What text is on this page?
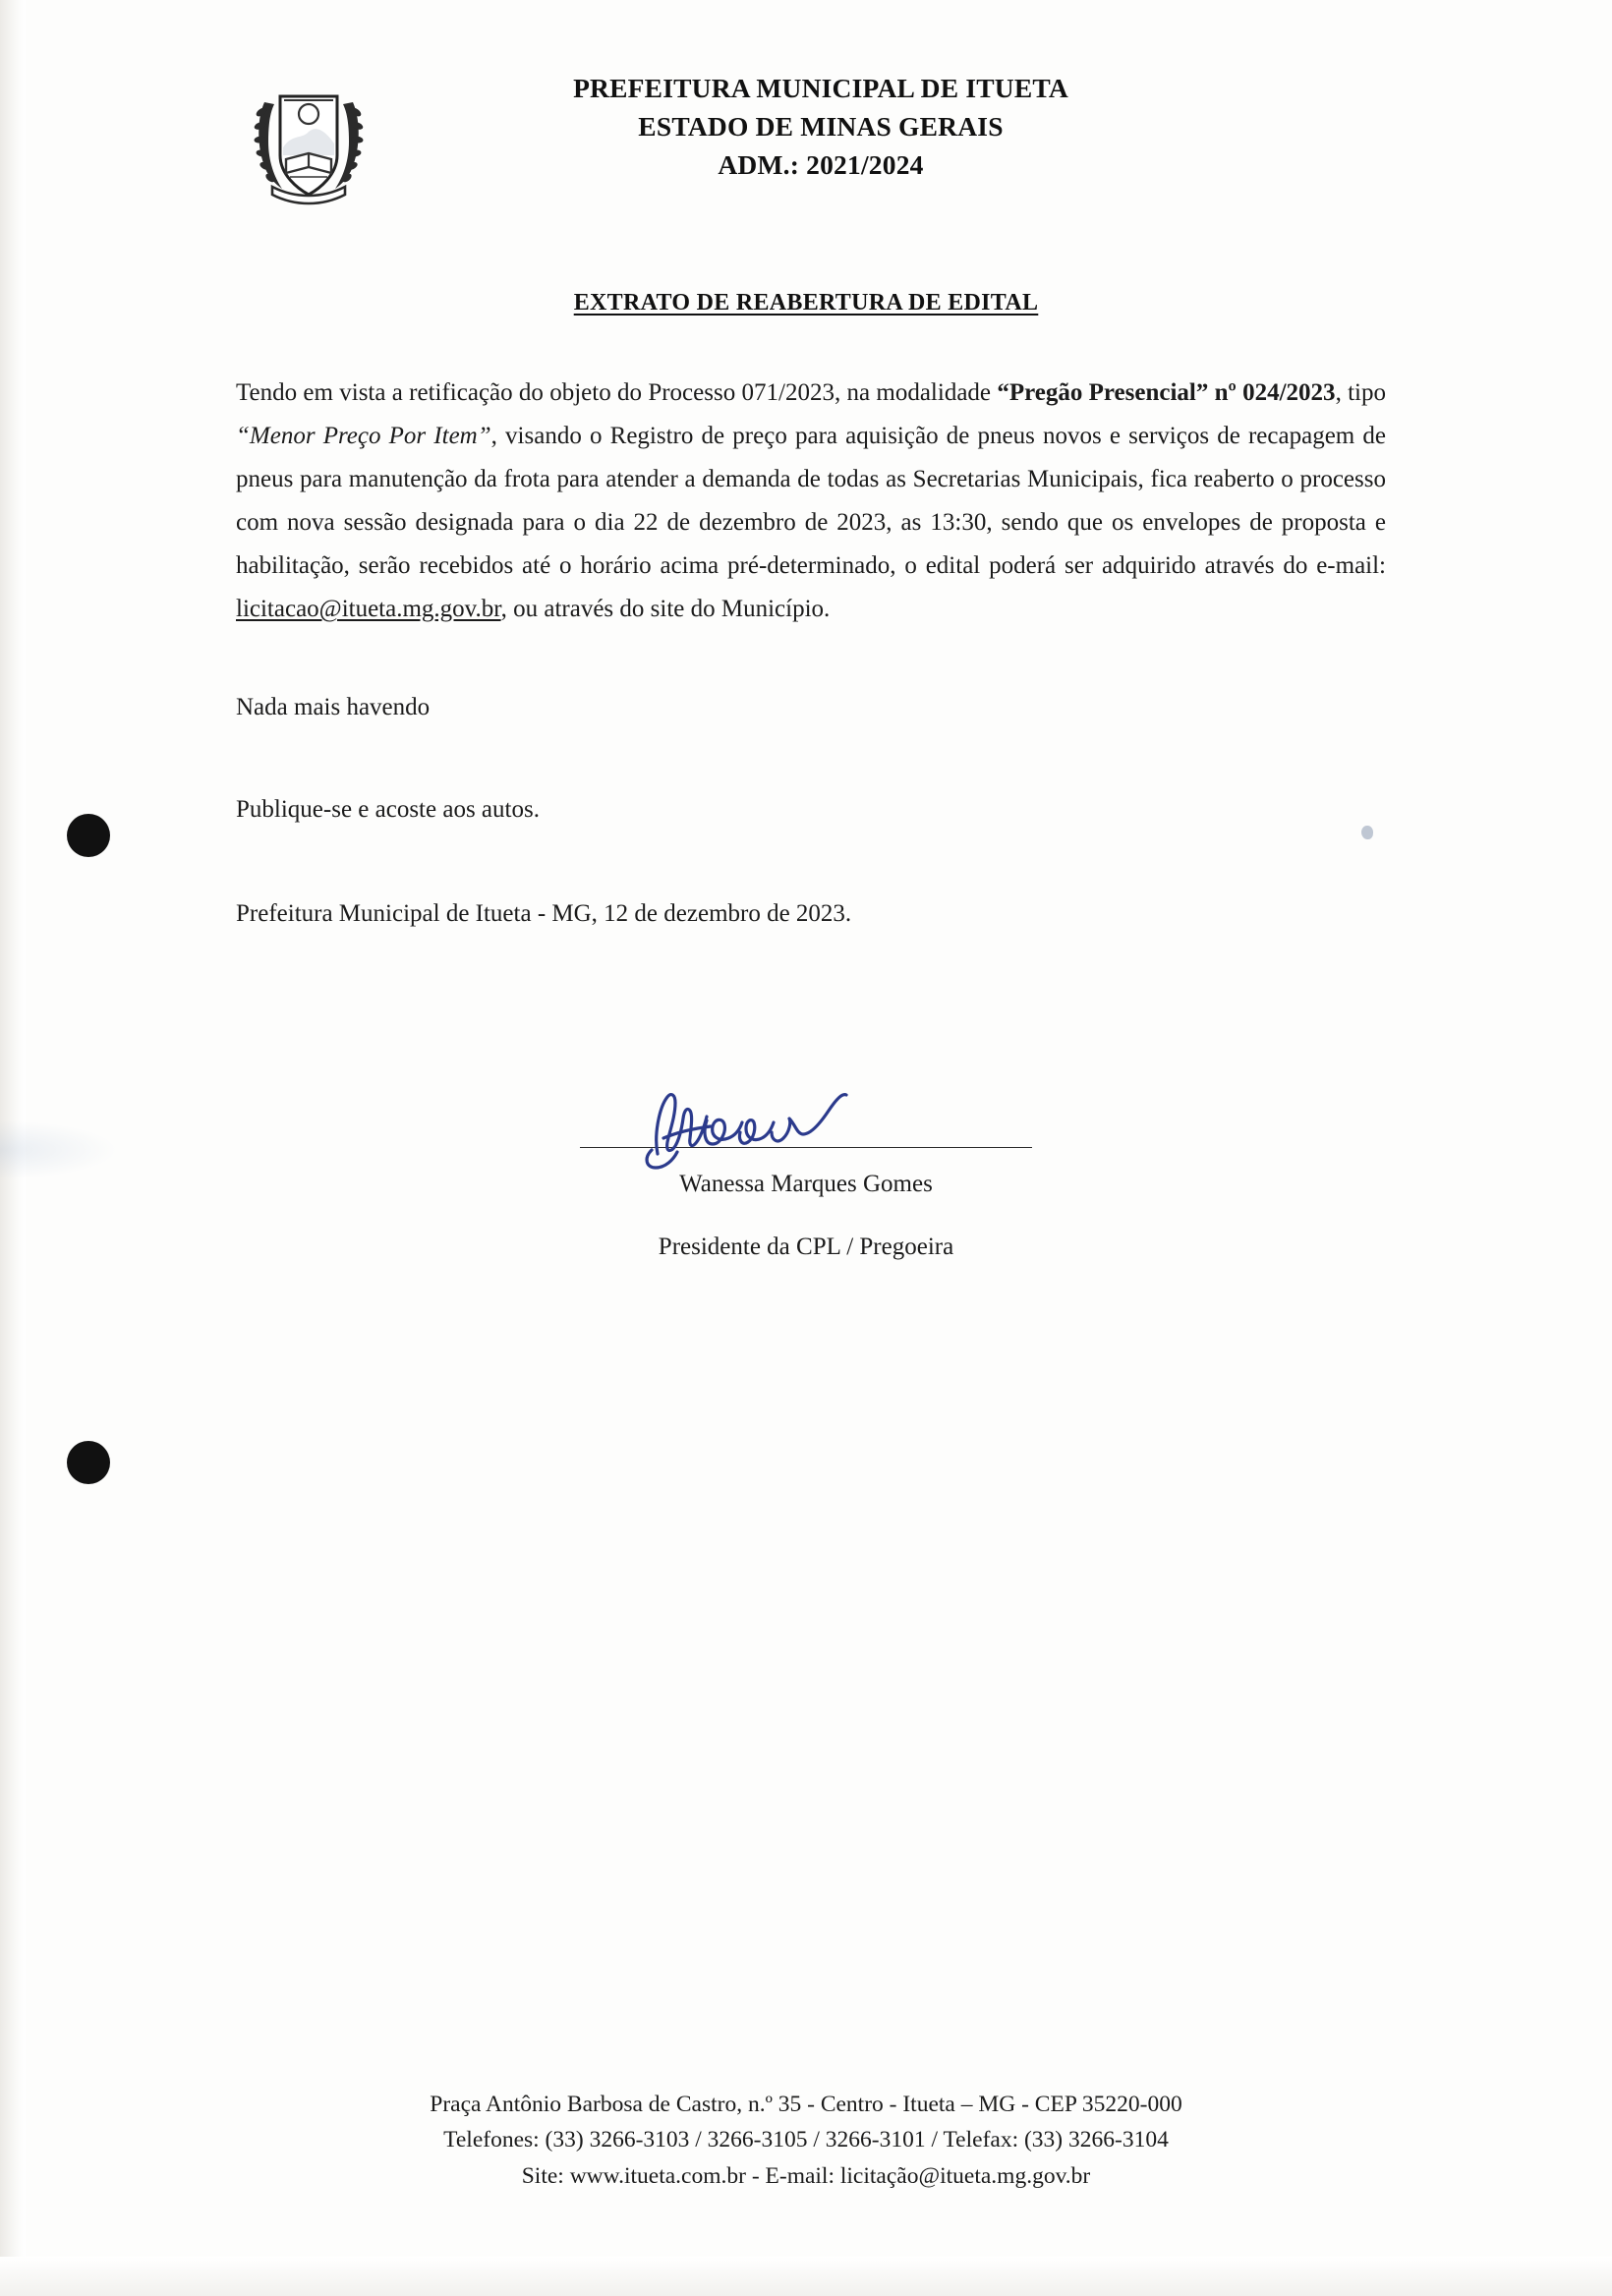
PREFEITURA MUNICIPAL DE ITUETA
ESTADO DE MINAS GERAIS
ADM.: 2021/2024
EXTRATO DE REABERTURA DE EDITAL

Tendo em vista a retificação do objeto do Processo 071/2023, na modalidade “Pregão Presencial” nº 024/2023, tipo “Menor Preço Por Item”, visando o Registro de preço para aquisição de pneus novos e serviços de recapagem de pneus para manutenção da frota para atender a demanda de todas as Secretarias Municipais, fica reaberto o processo com nova sessão designada para o dia 22 de dezembro de 2023, as 13:30, sendo que os envelopes de proposta e habilitação, serão recebidos até o horário acima pré-determinado, o edital poderá ser adquirido através do e-mail: licitacao@itueta.mg.gov.br, ou através do site do Município.

Nada mais havendo

Publique-se e acoste aos autos.

Prefeitura Municipal de Itueta - MG, 12 de dezembro de 2023.

Wanessa Marques Gomes
Presidente da CPL / Pregoeira
Praça Antônio Barbosa de Castro, n.º 35 - Centro - Itueta – MG - CEP 35220-000
Telefones: (33) 3266-3103 / 3266-3105 / 3266-3101 / Telefax: (33) 3266-3104
Site: www.itueta.com.br - E-mail: licitação@itueta.mg.gov.br
